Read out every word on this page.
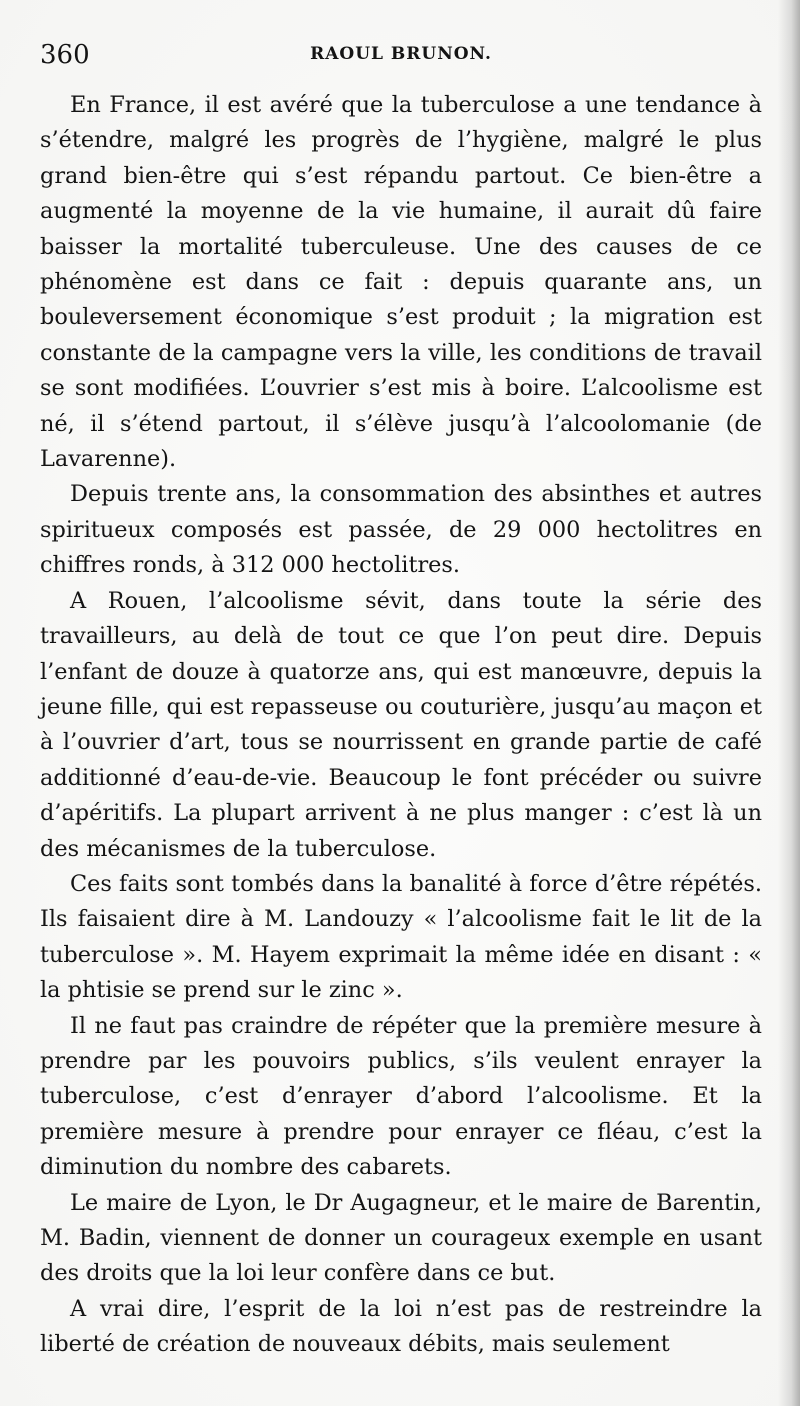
360	RAOUL BRUNON.

En France, il est avéré que la tuberculose a une tendance à s’étendre, malgré les progrès de l’hygiène, malgré le plus grand bien-être qui s’est répandu partout. Ce bien-être a augmenté la moyenne de la vie humaine, il aurait dû faire baisser la mortalité tuberculeuse. Une des causes de ce phénomène est dans ce fait : depuis quarante ans, un bouleversement économique s’est produit ; la migration est constante de la campagne vers la ville, les conditions de travail se sont modifiées. L’ouvrier s’est mis à boire. L’alcoolisme est né, il s’étend partout, il s’élève jusqu’à l’alcoolomanie (de Lavarenne).

Depuis trente ans, la consommation des absinthes et autres spiritueux composés est passée, de 29 000 hectolitres en chiffres ronds, à 312 000 hectolitres.

A Rouen, l’alcoolisme sévit, dans toute la série des travailleurs, au delà de tout ce que l’on peut dire. Depuis l’enfant de douze à quatorze ans, qui est manœuvre, depuis la jeune fille, qui est repasseuse ou couturière, jusqu’au maçon et à l’ouvrier d’art, tous se nourrissent en grande partie de café additionné d’eau-de-vie. Beaucoup le font précéder ou suivre d’apéritifs. La plupart arrivent à ne plus manger : c’est là un des mécanismes de la tuberculose.

Ces faits sont tombés dans la banalité à force d’être répétés. Ils faisaient dire à M. Landouzy « l’alcoolisme fait le lit de la tuberculose ». M. Hayem exprimait la même idée en disant : « la phtisie se prend sur le zinc ».

Il ne faut pas craindre de répéter que la première mesure à prendre par les pouvoirs publics, s’ils veulent enrayer la tuberculose, c’est d’enrayer d’abord l’alcoolisme. Et la première mesure à prendre pour enrayer ce fléau, c’est la diminution du nombre des cabarets.

Le maire de Lyon, le Dr Augagneur, et le maire de Barentin, M. Badin, viennent de donner un courageux exemple en usant des droits que la loi leur confère dans ce but.

A vrai dire, l’esprit de la loi n’est pas de restreindre la liberté de création de nouveaux débits, mais seulement
